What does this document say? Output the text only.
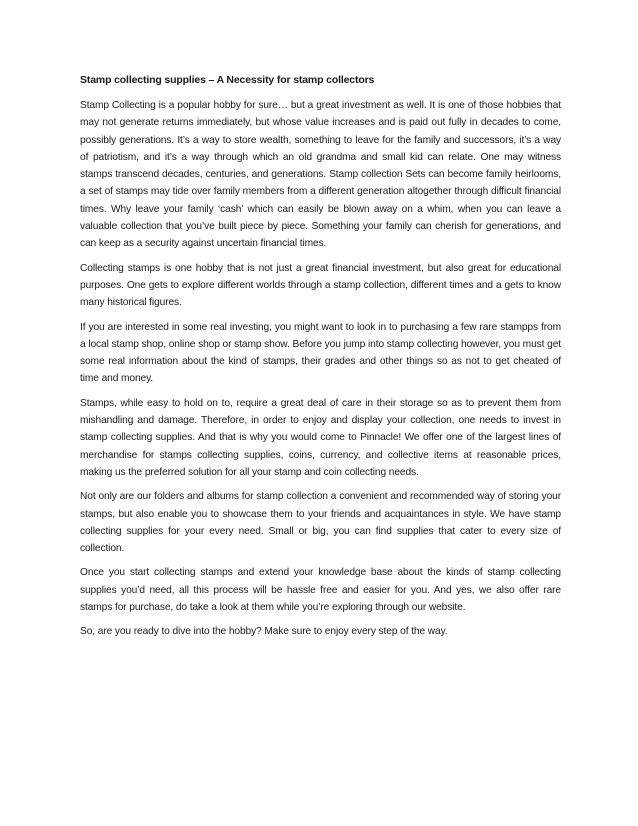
Stamp collecting supplies – A Necessity for stamp collectors

Stamp Collecting is a popular hobby for sure… but a great investment as well. It is one of those hobbies that may not generate returns immediately, but whose value increases and is paid out fully in decades to come, possibly generations. It’s a way to store wealth, something to leave for the family and successors, it’s a way of patriotism, and it’s a way through which an old grandma and small kid can relate. One may witness stamps transcend decades, centuries, and generations. Stamp collection Sets can become family heirlooms, a set of stamps may tide over family members from a different generation altogether through difficult financial times. Why leave your family ‘cash’ which can easily be blown away on a whim, when you can leave a valuable collection that you’ve built piece by piece. Something your family can cherish for generations, and can keep as a security against uncertain financial times.

Collecting stamps is one hobby that is not just a great financial investment, but also great for educational purposes. One gets to explore different worlds through a stamp collection, different times and a gets to know many historical figures.

If you are interested in some real investing, you might want to look in to purchasing a few rare stampps from a local stamp shop, online shop or stamp show. Before you jump into stamp collecting however, you must get some real information about the kind of stamps, their grades and other things so as not to get cheated of time and money.

Stamps, while easy to hold on to, require a great deal of care in their storage so as to prevent them from mishandling and damage. Therefore, in order to enjoy and display your collection, one needs to invest in stamp collecting supplies. And that is why you would come to Pinnacle! We offer one of the largest lines of merchandise for stamps collecting supplies, coins, currency, and collective items at reasonable prices, making us the preferred solution for all your stamp and coin collecting needs.

Not only are our folders and albums for stamp collection a convenient and recommended way of storing your stamps, but also enable you to showcase them to your friends and acquaintances in style. We have stamp collecting supplies for your every need. Small or big, you can find supplies that cater to every size of collection.

Once you start collecting stamps and extend your knowledge base about the kinds of stamp collecting supplies you’d need, all this process will be hassle free and easier for you. And yes, we also offer rare stamps for purchase, do take a look at them while you’re exploring through our website.

So, are you ready to dive into the hobby? Make sure to enjoy every step of the way.
